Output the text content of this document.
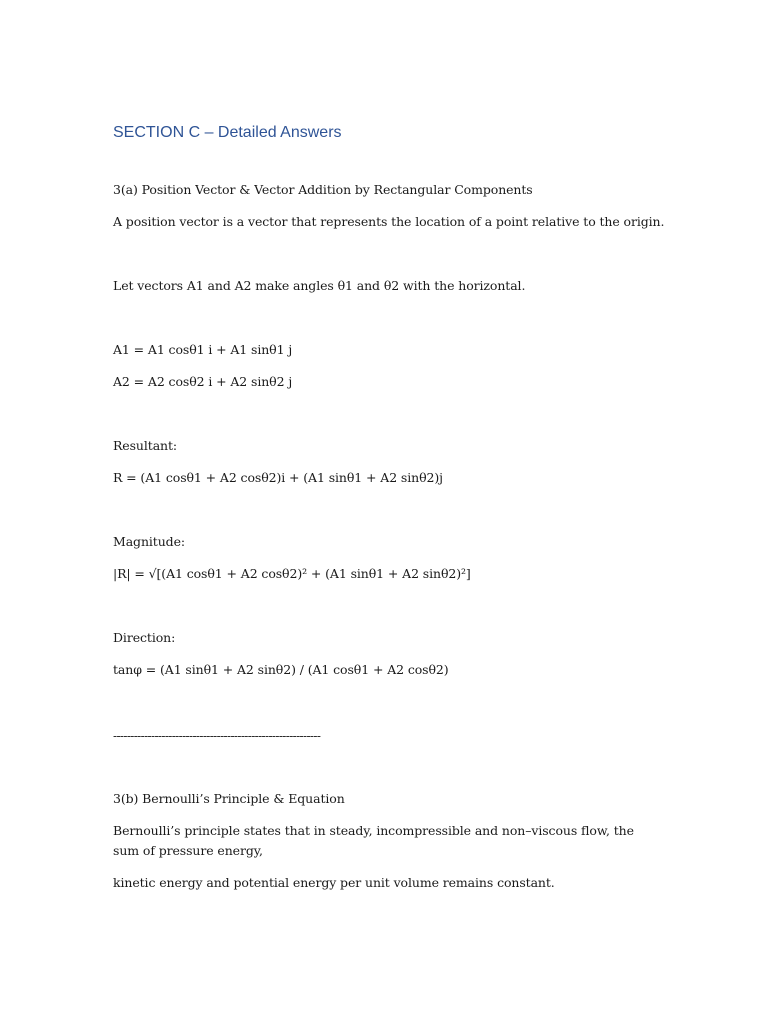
SECTION C – Detailed Answers
3(a) Position Vector & Vector Addition by Rectangular Components
A position vector is a vector that represents the location of a point relative to the origin.
Let vectors A1 and A2 make angles θ1 and θ2 with the horizontal.
A1 = A1 cosθ1 i + A1 sinθ1 j
A2 = A2 cosθ2 i + A2 sinθ2 j
Resultant:
R = (A1 cosθ1 + A2 cosθ2)i + (A1 sinθ1 + A2 sinθ2)j
Magnitude:
|R| = √[(A1 cosθ1 + A2 cosθ2)² + (A1 sinθ1 + A2 sinθ2)²]
Direction:
tanφ = (A1 sinθ1 + A2 sinθ2) / (A1 cosθ1 + A2 cosθ2)
------------------------------------------------------------
3(b) Bernoulli’s Principle & Equation
Bernoulli’s principle states that in steady, incompressible and non–viscous flow, the sum of pressure energy,
kinetic energy and potential energy per unit volume remains constant.
